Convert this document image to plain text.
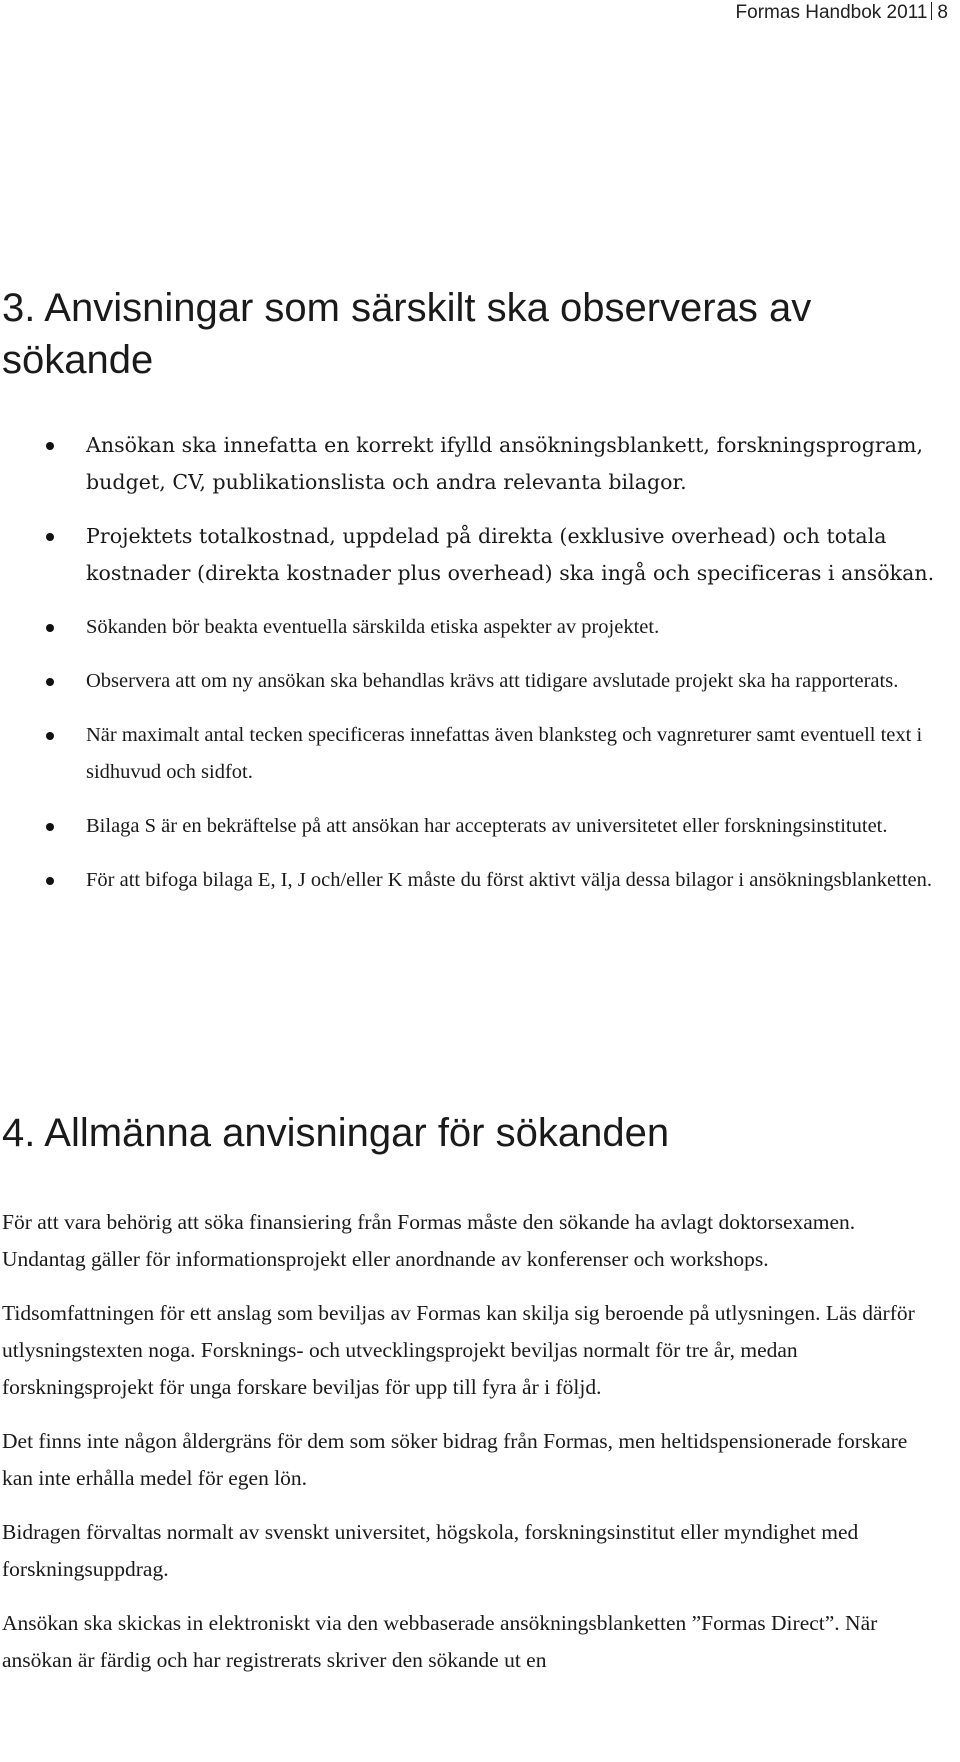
Formas Handbok 2011 8
3. Anvisningar som särskilt ska observeras av sökande
Ansökan ska innefatta en korrekt ifylld ansökningsblankett, forskningsprogram, budget, CV, publikationslista och andra relevanta bilagor.
Projektets totalkostnad, uppdelad på direkta (exklusive overhead) och totala kostnader (direkta kostnader plus overhead) ska ingå och specificeras i ansökan.
Sökanden bör beakta eventuella särskilda etiska aspekter av projektet.
Observera att om ny ansökan ska behandlas krävs att tidigare avslutade projekt ska ha rapporterats.
När maximalt antal tecken specificeras innefattas även blanksteg och vagnreturer samt eventuell text i sidhuvud och sidfot.
Bilaga S är en bekräftelse på att ansökan har accepterats av universitetet eller forskningsinstitutet.
För att bifoga bilaga E, I, J och/eller K måste du först aktivt välja dessa bilagor i ansökningsblanketten.
4. Allmänna anvisningar för sökanden

För att vara behörig att söka finansiering från Formas måste den sökande ha avlagt doktorsexamen. Undantag gäller för informationsprojekt eller anordnande av konferenser och workshops.

Tidsomfattningen för ett anslag som beviljas av Formas kan skilja sig beroende på utlysningen. Läs därför utlysningstexten noga. Forsknings- och utvecklingsprojekt beviljas normalt för tre år, medan forskningsprojekt för unga forskare beviljas för upp till fyra år i följd.

Det finns inte någon åldergräns för dem som söker bidrag från Formas, men heltidspensionerade forskare kan inte erhålla medel för egen lön.

Bidragen förvaltas normalt av svenskt universitet, högskola, forskningsinstitut eller myndighet med forskningsuppdrag.

Ansökan ska skickas in elektroniskt via den webbaserade ansökningsblanketten ”Formas Direct”. När ansökan är färdig och har registrerats skriver den sökande ut en
